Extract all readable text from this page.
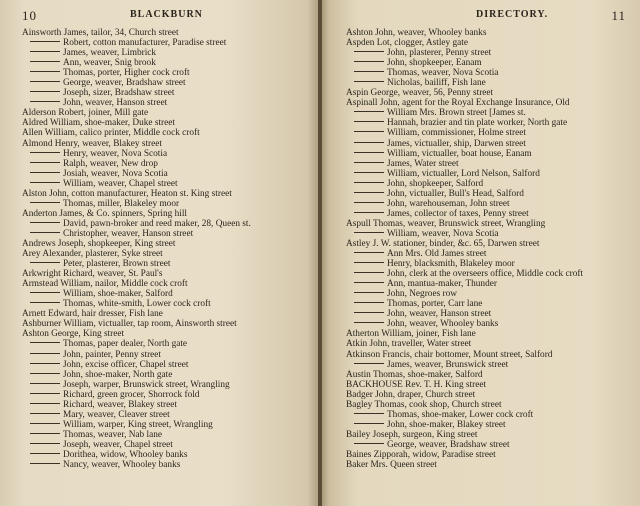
10	BLACKBURN
Ainsworth James, tailor, 34, Church street
Robert, cotton manufacturer, Paradise street
James, weaver, Limbrick
Ann, weaver, Snig brook
Thomas, porter, Higher cock croft
George, weaver, Bradshaw street
Joseph, sizer, Bradshaw street
John, weaver, Hanson street
Alderson Robert, joiner, Mill gate
Aldred William, shoe-maker, Duke street
Allen William, calico printer, Middle cock croft
Almond Henry, weaver, Blakey street
Henry, weaver, Nova Scotia
Ralph, weaver, New drop
Josiah, weaver, Nova Scotia
William, weaver, Chapel street
Alston John, cotton manufacturer, Heaton st. King street
Thomas, miller, Blakeley moor
Anderton James, & Co. spinners, Spring hill
David, pawn-broker and reed maker, 28, Queen st.
Christopher, weaver, Hanson street
Andrews Joseph, shopkeeper, King street
Arey Alexander, plasterer, Syke street
Peter, plasterer, Brown street
Arkwright Richard, weaver, St. Paul's
Armstead William, nailor, Middle cock croft
William, shoe-maker, Salford
Thomas, white-smith, Lower cock croft
Arnett Edward, hair dresser, Fish lane
Ashburner William, victualler, tap room, Ainsworth street
Ashton George, King street
Thomas, paper dealer, North gate
John, painter, Penny street
John, excise officer, Chapel street
John, shoe-maker, North gate
Joseph, warper, Brunswick street, Wrangling
Richard, green grocer, Shorrock fold
Richard, weaver, Blakey street
Mary, weaver, Cleaver street
William, warper, King street, Wrangling
Thomas, weaver, Nab lane
Joseph, weaver, Chapel street
Dorithea, widow, Whooley banks
Nancy, weaver, Whooley banks
DIRECTORY.	11
Ashton John, weaver, Whooley banks
Aspden Lot, clogger, Astley gate
John, plasterer, Penny street
John, shopkeeper, Eanam
Thomas, weaver, Nova Scotia
Nicholas, bailiff, Fish lane
Aspin George, weaver, 56, Penny street
Aspinall John, agent for the Royal Exchange Insurance, Old
William Mrs. Brown street [James st.
Hannah, brazier and tin plate worker, North gate
William, commissioner, Holme street
James, victualler, ship, Darwen street
William, victualler, boat house, Eanam
James, Water street
William, victualler, Lord Nelson, Salford
John, shopkeeper, Salford
John, victualler, Bull's Head, Salford
John, warehouseman, John street
James, collector of taxes, Penny street
Aspull Thomas, weaver, Brunswick street, Wrangling
William, weaver, Nova Scotia
Astley J. W. stationer, binder, &c. 65, Darwen street
Ann Mrs. Old James street
Henry, blacksmith, Blakeley moor
John, clerk at the overseers office, Middle cock croft
Ann, mantua-maker, Thunder
John, Negroes row
Thomas, porter, Carr lane
John, weaver, Hanson street
John, weaver, Whooley banks
Atherton William, joiner, Fish lane
Atkin John, traveller, Water street
Atkinson Francis, chair bottomer, Mount street, Salford
James, weaver, Brunswick street
Austin Thomas, shoe-maker, Salford
BACKHOUSE Rev. T. H. King street
Badger John, draper, Church street
Bagley Thomas, cook shop, Church street
Thomas, shoe-maker, Lower cock croft
John, shoe-maker, Blakey street
Bailey Joseph, surgeon, King street
George, weaver, Bradshaw street
Baines Zipporah, widow, Paradise street
Baker Mrs. Queen street
